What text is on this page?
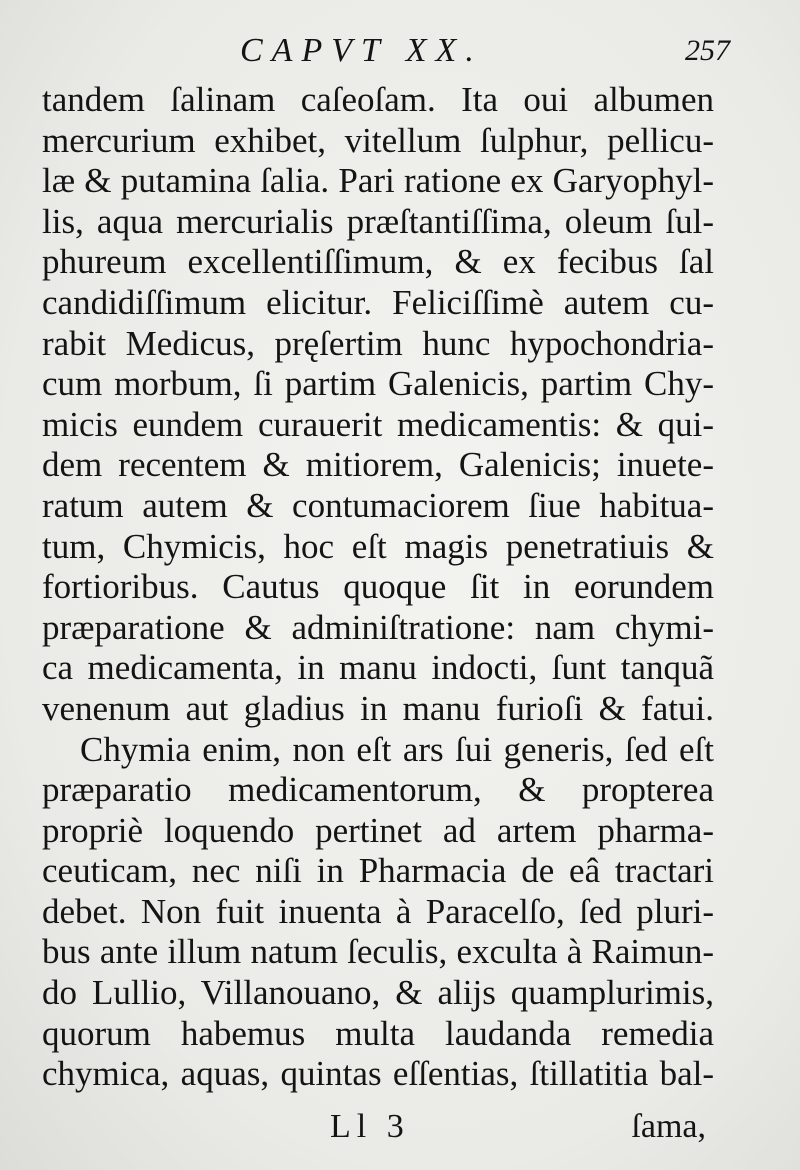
CAPVT XX.	257
tandem ſalinam caſeoſam. Ita oui albumen
mercurium exhibet, vitellum ſulphur, pellicu-
læ & putamina ſalia. Pari ratione ex Garyophyl-
lis, aqua mercurialis præſtantiſſima, oleum ſul-
phureum excellentiſſimum, & ex fecibus ſal
candidiſſimum elicitur. Feliciſſimè autem cu-
rabit Medicus, pręſertim hunc hypochondria-
cum morbum, ſi partim Galenicis, partim Chy-
micis eundem curauerit medicamentis: & qui-
dem recentem & mitiorem, Galenicis; inuete-
ratum autem & contumaciorem ſiue habitua-
tum, Chymicis, hoc eſt magis penetratiuis &
fortioribus. Cautus quoque ſit in eorundem
præparatione & adminiſtratione: nam chymi-
ca medicamenta, in manu indocti, ſunt tanquã
venenum aut gladius in manu furioſi & fatui.
Chymia enim, non eſt ars ſui generis, ſed eſt
præparatio medicamentorum, & propterea
propriè loquendo pertinet ad artem pharma-
ceuticam, nec niſi in Pharmacia de eâ tractari
debet. Non fuit inuenta à Paracelſo, ſed pluri-
bus ante illum natum ſeculis, exculta à Raimun-
do Lullio, Villanouano, & alijs quamplurimis,
quorum habemus multa laudanda remedia
chymica, aquas, quintas eſſentias, ſtillatitia bal-
Ll 3	ſama,
